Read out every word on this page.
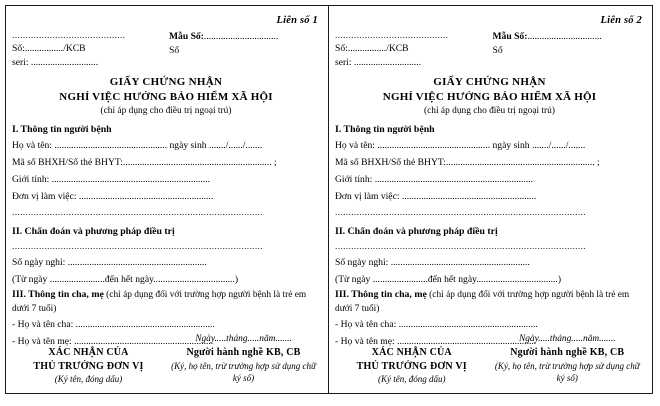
Liên số 1
..........................................
Số:................/KCB
seri: ............................
Mẫu Số:...............................
Số
GIẤY CHỨNG NHẬN
NGHỈ VIỆC HƯỞNG BẢO HIỂM XÃ HỘI
(chỉ áp dụng cho điều trị ngoại trú)
I. Thông tin người bệnh
Họ và tên: ............................................... ngày sinh ......./....../.......
Mã số BHXH/Số thẻ BHYT:.............................................................. ;
Giới tính: ..................................................................
Đơn vị làm việc: ........................................................
.............................................................................................
II. Chẩn đoán và phương pháp điều trị
.............................................................................................
Số ngày nghỉ: ..........................................................
(Từ ngày .......................đến hết ngày..................................)
III. Thông tin cha, mẹ (chỉ áp dụng đối với trường hợp người bệnh là trẻ em dưới 7 tuổi)
- Họ và tên cha: ..........................................................
- Họ và tên mẹ: ..........................................................
XÁC NHẬN CỦA
THỦ TRƯỞNG ĐƠN VỊ
(Ký tên, đóng dấu)
Ngày.....tháng.....năm.......
Người hành nghề KB, CB
(Ký, họ tên, trừ trường hợp sử dụng chữ ký số)
Liên số 2
..........................................
Số:................/KCB
seri: ............................
Mẫu Số:...............................
Số
GIẤY CHỨNG NHẬN
NGHỈ VIỆC HƯỞNG BẢO HIỂM XÃ HỘI
(chỉ áp dụng cho điều trị ngoại trú)
I. Thông tin người bệnh
Họ và tên: ............................................... ngày sinh ......./....../.......
Mã số BHXH/Số thẻ BHYT:.............................................................. ;
Giới tính: ..................................................................
Đơn vị làm việc: ........................................................
.............................................................................................
II. Chẩn đoán và phương pháp điều trị
.............................................................................................
Số ngày nghỉ: ..........................................................
(Từ ngày .......................đến hết ngày..................................)
III. Thông tin cha, mẹ (chỉ áp dụng đối với trường hợp người bệnh là trẻ em dưới 7 tuổi)
- Họ và tên cha: ..........................................................
- Họ và tên mẹ: ..........................................................
XÁC NHẬN CỦA
THỦ TRƯỞNG ĐƠN VỊ
(Ký tên, đóng dấu)
Ngày.....tháng.....năm.......
Người hành nghề KB, CB
(Ký, họ tên, trừ trường hợp sử dụng chữ ký số)
